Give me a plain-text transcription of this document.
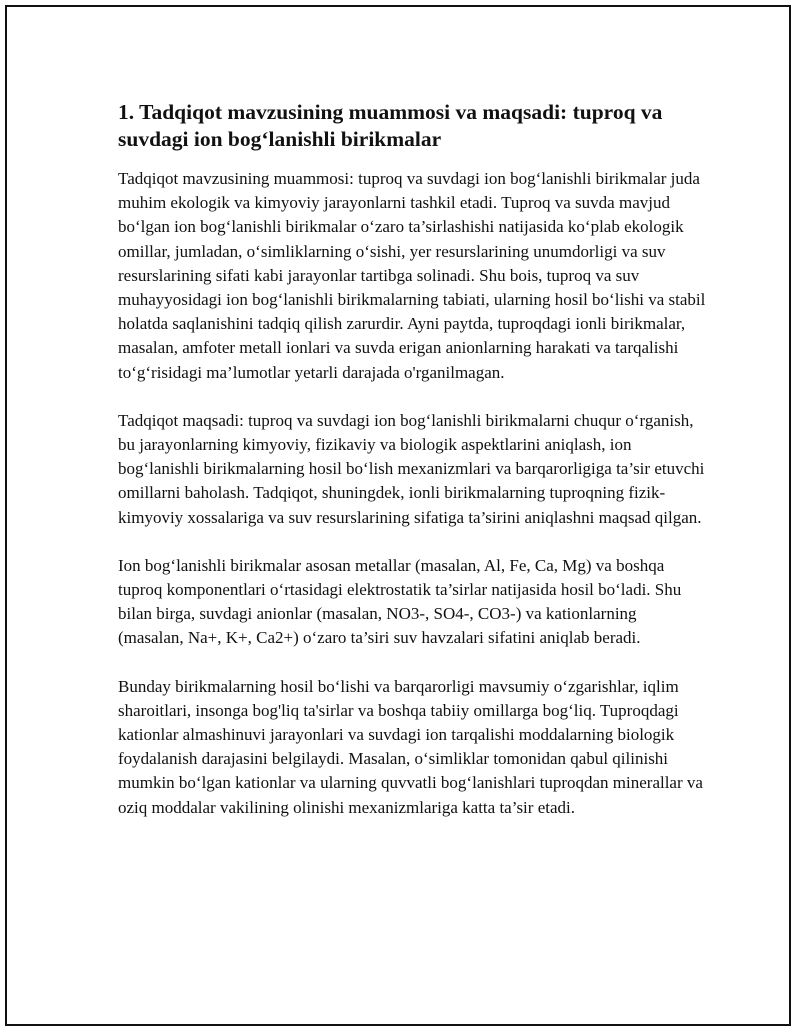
1. Tadqiqot mavzusining muammosi va maqsadi: tuproq va suvdagi ion bog‘lanishli birikmalar

Tadqiqot mavzusining muammosi: tuproq va suvdagi ion bog‘lanishli birikmalar juda muhim ekologik va kimyoviy jarayonlarni tashkil etadi. Tuproq va suvda mavjud bo‘lgan ion bog‘lanishli birikmalar o‘zaro ta’sirlashishi natijasida ko‘plab ekologik omillar, jumladan, o‘simliklarning o‘sishi, yer resurslarining unumdorligi va suv resurslarining sifati kabi jarayonlar tartibga solinadi. Shu bois, tuproq va suv muhayyosidagi ion bog‘lanishli birikmalarning tabiati, ularning hosil bo‘lishi va stabil holatda saqlanishini tadqiq qilish zarurdir. Ayni paytda, tuproqdagi ionli birikmalar, masalan, amfoter metall ionlari va suvda erigan anionlarning harakati va tarqalishi to‘g‘risidagi ma’lumotlar yetarli darajada o'rganilmagan.

Tadqiqot maqsadi: tuproq va suvdagi ion bog‘lanishli birikmalarni chuqur o‘rganish, bu jarayonlarning kimyoviy, fizikaviy va biologik aspektlarini aniqlash, ion bog‘lanishli birikmalarning hosil bo‘lish mexanizmlari va barqarorligiga ta’sir etuvchi omillarni baholash. Tadqiqot, shuningdek, ionli birikmalarning tuproqning fizik-kimyoviy xossalariga va suv resurslarining sifatiga ta’sirini aniqlashni maqsad qilgan.

Ion bog‘lanishli birikmalar asosan metallar (masalan, Al, Fe, Ca, Mg) va boshqa tuproq komponentlari o‘rtasidagi elektrostatik ta’sirlar natijasida hosil bo‘ladi. Shu bilan birga, suvdagi anionlar (masalan, NO3-, SO4-, CO3-) va kationlarning (masalan, Na+, K+, Ca2+) o‘zaro ta’siri suv havzalari sifatini aniqlab beradi.

Bunday birikmalarning hosil bo‘lishi va barqarorligi mavsumiy o‘zgarishlar, iqlim sharoitlari, insonga bog'liq ta'sirlar va boshqa tabiiy omillarga bog‘liq. Tuproqdagi kationlar almashinuvi jarayonlari va suvdagi ion tarqalishi moddalarning biologik foydalanish darajasini belgilaydi. Masalan, o‘simliklar tomonidan qabul qilinishi mumkin bo‘lgan kationlar va ularning quvvatli bog‘lanishlari tuproqdan minerallar va oziq moddalar vakilining olinishi mexanizmlariga katta ta’sir etadi.
